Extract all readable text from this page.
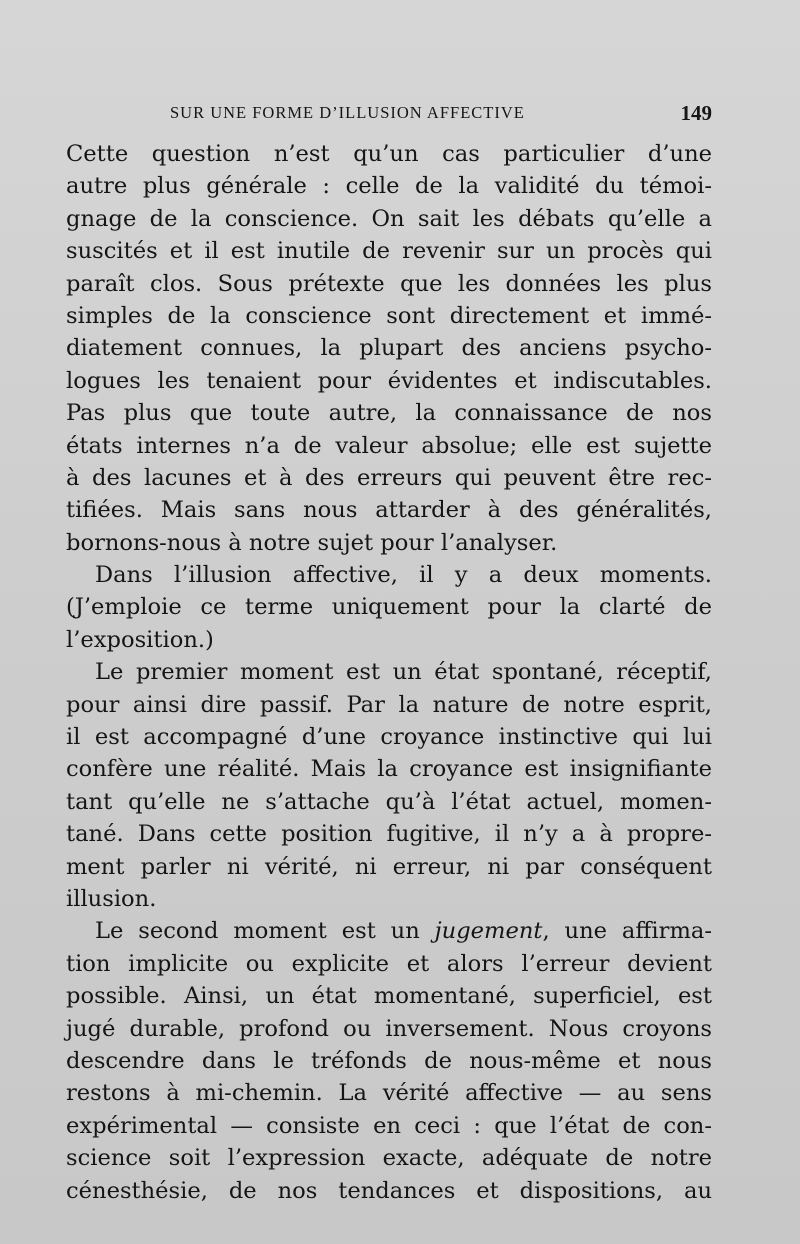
SUR UNE FORME D’ILLUSION AFFECTIVE	149
Cette question n’est qu’un cas particulier d’une
autre plus générale : celle de la validité du témoi-
gnage de la conscience. On sait les débats qu’elle a
suscités et il est inutile de revenir sur un procès qui
paraît clos. Sous prétexte que les données les plus
simples de la conscience sont directement et immé-
diatement connues, la plupart des anciens psycho-
logues les tenaient pour évidentes et indiscutables.
Pas plus que toute autre, la connaissance de nos
états internes n’a de valeur absolue; elle est sujette
à des lacunes et à des erreurs qui peuvent être rec-
tifiées. Mais sans nous attarder à des généralités,
bornons-nous à notre sujet pour l’analyser.
Dans l’illusion affective, il y a deux moments.
(J’emploie ce terme uniquement pour la clarté de
l’exposition.)
Le premier moment est un état spontané, réceptif,
pour ainsi dire passif. Par la nature de notre esprit,
il est accompagné d’une croyance instinctive qui lui
confère une réalité. Mais la croyance est insignifiante
tant qu’elle ne s’attache qu’à l’état actuel, momen-
tané. Dans cette position fugitive, il n’y a à propre-
ment parler ni vérité, ni erreur, ni par conséquent
illusion.
Le second moment est un jugement, une affirma-
tion implicite ou explicite et alors l’erreur devient
possible. Ainsi, un état momentané, superficiel, est
jugé durable, profond ou inversement. Nous croyons
descendre dans le tréfonds de nous-même et nous
restons à mi-chemin. La vérité affective — au sens
expérimental — consiste en ceci : que l’état de con-
science soit l’expression exacte, adéquate de notre
cénesthésie, de nos tendances et dispositions, au
